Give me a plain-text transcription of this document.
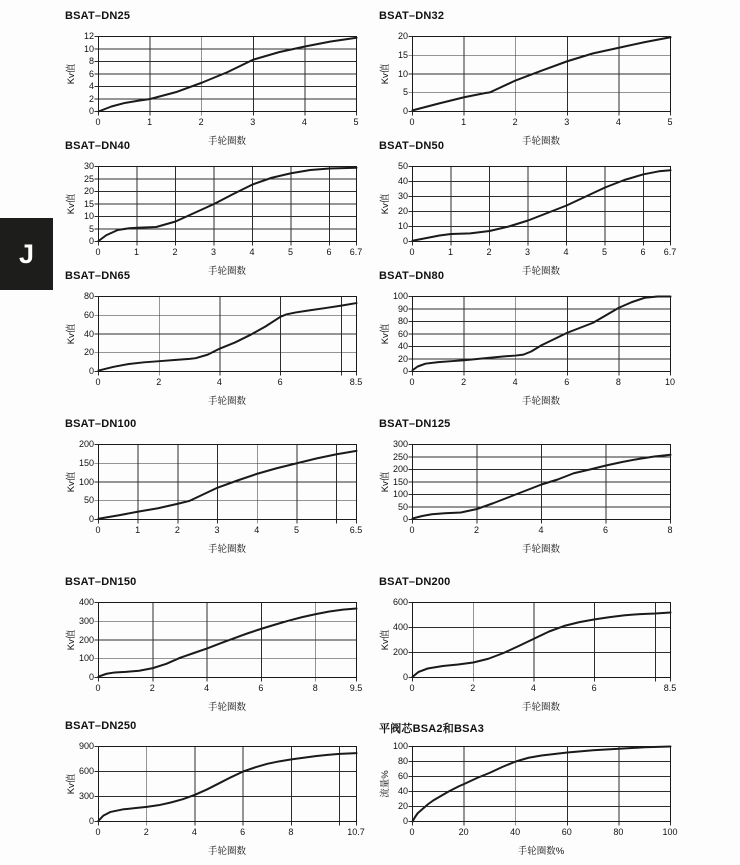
J
BSAT–DN25
Kv值
0
2
4
6
8
10
12
0	1	2	3	4	5
手轮圈数
BSAT–DN32
Kv值
0
5
10
15
20
0	1	2	3	4	5
手轮圈数
BSAT–DN40
Kv值
0
5
10
15
20
25
30
0	1	2	3	4	5	6	6.7
手轮圈数
BSAT–DN50
Kv值
0
10
20
30
40
50
0	1	2	3	4	5	6	6.7
手轮圈数
BSAT–DN65
Kv值
0
20
40
60
80
0	2	4	6	8.5
手轮圈数
BSAT–DN80
Kv值
0
20
40
60
80
90
100
0	2	4	6	8	10
手轮圈数
BSAT–DN100
Kv值
0
50
100
150
200
0	1	2	3	4	5	6.5
手轮圈数
BSAT–DN125
Kv值
0
50
100
150
200
250
300
0	2	4	6	8
手轮圈数
BSAT–DN150
Kv值
0
100
200
300
400
0	2	4	6	8	9.5
手轮圈数
BSAT–DN200
Kv值
0
200
400
600
0	2	4	6	8.5
手轮圈数
BSAT–DN250
Kv值
0
300
600
900
0	2	4	6	8	10.7
手轮圈数
平阀芯BSA2和BSA3
流量%
0
20
40
60
80
100
0	20	40	60	80	100
手轮圈数%
